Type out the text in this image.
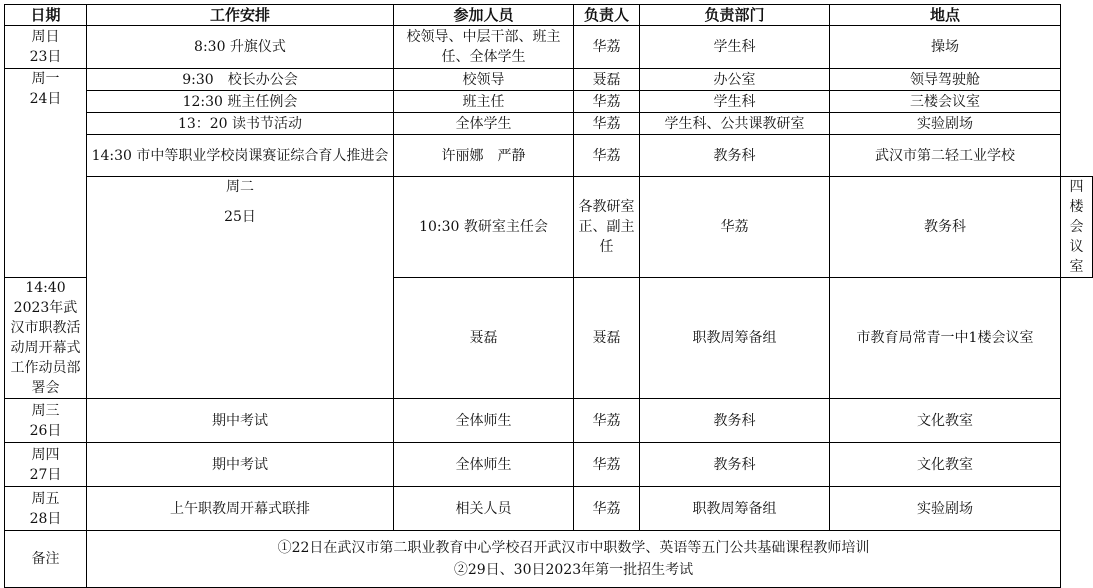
日期	工作安排	参加人员	负责人	负责部门	地点	

周日
23日	8:30 升旗仪式	校领导、中层干部、班主任、全体学生	华荔	学生科	操场	

周一
24日	9:30　校长办公会	校领导	聂磊	办公室	领导驾驶舱	
	12:30 班主任例会	班主任	华荔	学生科	三楼会议室	
	13：20 读书节活动	全体学生	华荔	学生科、公共课教研室	实验剧场	
	14:30 市中等职业学校岗课赛证综合育人推进会	许丽娜　严静	华荔	教务科	武汉市第二轻工业学校	

	周二
25日	10:30 教研室主任会	各教研室正、副主任	华荔	教务科	四楼会议室
14:40 2023年武汉市职教活动周开幕式工作动员部署会		聂磊	聂磊	职教周筹备组	市教育局常青一中1楼会议室	

周三
26日	期中考试	全体师生	华荔	教务科	文化教室	

周四
27日	期中考试	全体师生	华荔	教务科	文化教室	

周五
28日	上午职教周开幕式联排	相关人员	华荔	职教周筹备组	实验剧场	
备注	①22日在武汉市第二职业教育中心学校召开武汉市中职数学、英语等五门公共基础课程教师培训
②29日、30日2023年第一批招生考试					
